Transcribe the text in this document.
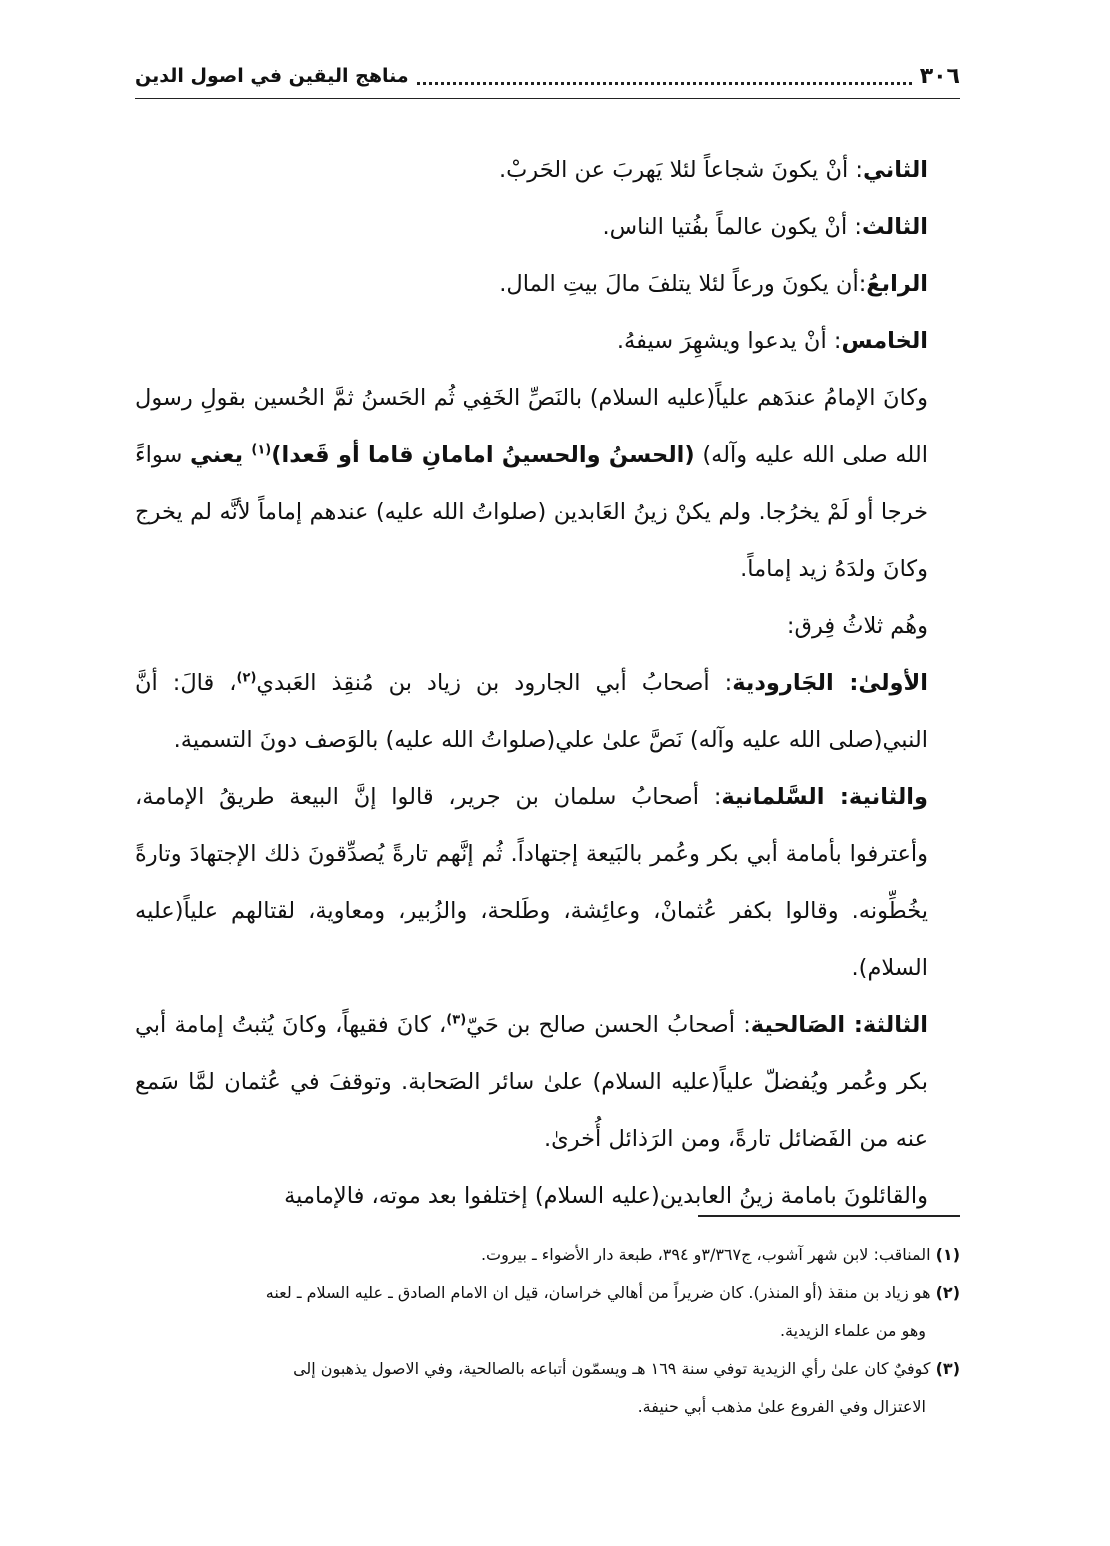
٣٠٦
مناهج اليقين في اصول الدين

الثاني: أنْ يكونَ شجاعاً لئلا يَهربَ عن الحَربْ.

الثالث: أنْ يكون عالماً بفُتيا الناس.

الرابعُ:أن يكونَ ورعاً لئلا يتلفَ مالَ بيتِ المال.

الخامس: أنْ يدعوا ويشهِرَ سيفهُ.

وكانَ الإمامُ عندَهم علياً(عليه السلام) بالنَصِّ الخَفِي ثُم الحَسنُ ثمَّ الحُسين بقولِ رسول الله صلى الله عليه وآله) (الحسنُ والحسينُ امامانِ قاما أو قَعدا)$^{(١)}$ يعني سواءً خرجا أو لَمْ يخرُجا. ولم يكنْ زينُ العَابدين (صلواتُ الله عليه) عندهم إماماً لأنَّه لم يخرج وكانَ ولدَهُ زيد إماماً.

وهُم ثلاثُ فِرق:

الأولىٰ: الجَارودية: أصحابُ أبي الجارود بن زياد بن مُنقِذ العَبدي$^{(٢)}$، قالَ: أنَّ النبي(صلى الله عليه وآله) نَصَّ علىٰ علي(صلواتُ الله عليه) بالوَصف دونَ التسمية.

والثانية: السَّلمانية: أصحابُ سلمان بن جرير، قالوا إنَّ البيعة طريقُ الإمامة، وأعترفوا بأمامة أبي بكر وعُمر بالبَيعة إجتهاداً. ثُم إنَّهم تارةً يُصدِّقونَ ذلك الإجتهادَ وتارةً يخُطِّونه. وقالوا بكفر عُثمانْ، وعائِشة، وطَلحة، والزُبير، ومعاوية، لقتالهم علياً(عليه السلام).

الثالثة: الصَالحية: أصحابُ الحسن صالح بن حَيّ$^{(٣)}$، كانَ فقيهاً، وكانَ يُثبتُ إمامة أبي بكر وعُمر ويُفضلّ علياً(عليه السلام) علىٰ سائر الصَحابة. وتوقفَ في عُثمان لمَّا سَمع عنه من الفَضائل تارةً، ومن الرَذائل أُخرىٰ.

والقائلونَ بامامة زينُ العابدين(عليه السلام) إختلفوا بعد موته، فالإمامية

(١) المناقب: لابن شهر آشوب، ج٣/٣٦٧و ٣٩٤، طبعة دار الأضواء ـ بيروت.

(٢) هو زياد بن منقذ (أو المنذر). كان ضريراً من أهالي خراسان، قيل ان الامام الصادق ـ عليه السلام ـ لعنه

وهو من علماء الزيدية.

(٣) كوفيٌ كان علىٰ رأي الزيدية توفي سنة ١٦٩ هـ ويسمّون أتباعه بالصالحية، وفي الاصول يذهبون إلى

الاعتزال وفي الفروع علىٰ مذهب أبي حنيفة.
